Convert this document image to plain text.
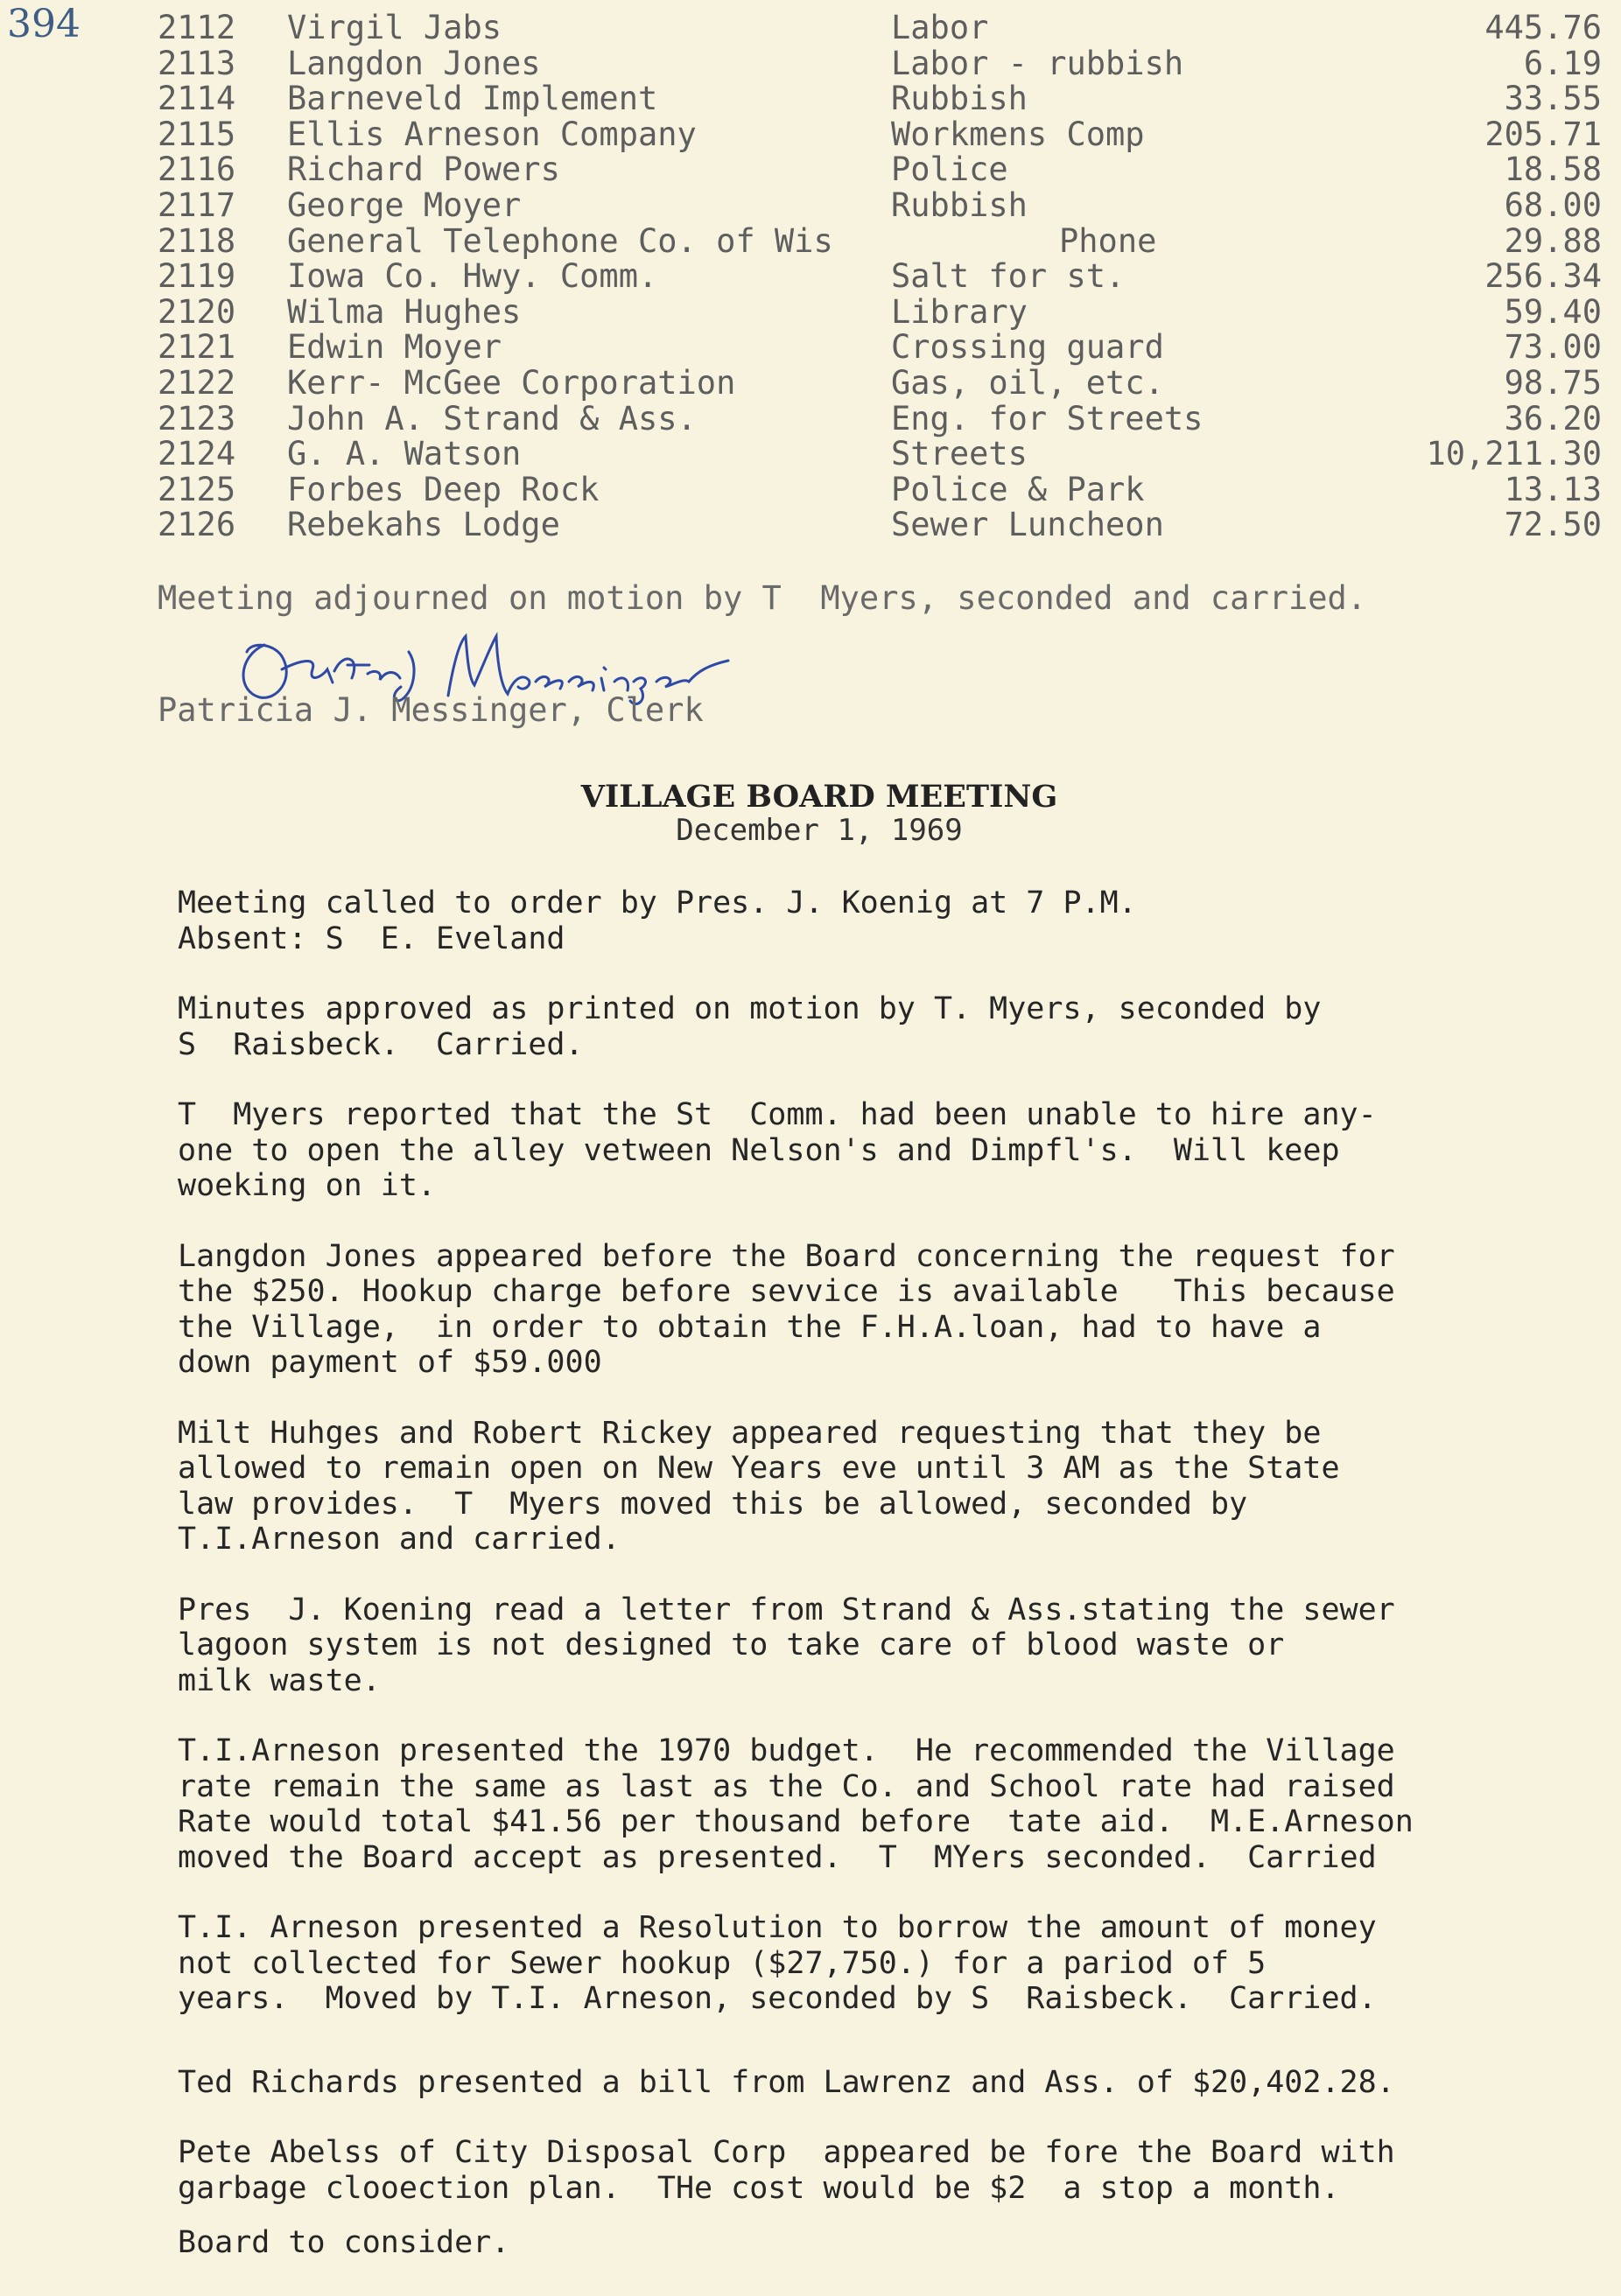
394 2112 Virgil Jabs	Labor	445.76
2113 Langdon Jones	Labor - rubbish	6.19
2114 Barneveld Implement	Rubbish	33.55
2115 Ellis Arneson Company	Workmens Comp	205.71
2116 Richard Powers	Police	18.58
2117 George Moyer	Rubbish	68.00
2118 General Telephone Co. of Wis	Phone	29.88
2119 Iowa Co. Hwy. Comm.	Salt for st.	256.34
2120 Wilma Hughes	Library	59.40
2121 Edwin Moyer	Crossing guard	73.00
2122 Kerr- McGee Corporation	Gas, oil, etc.	98.75
2123 John A. Strand & Ass.	Eng. for Streets	36.20
2124 G. A. Watson	Streets	10,211.30
2125 Forbes Deep Rock	Police & Park	13.13
2126 Rebekahs Lodge	Sewer Luncheon	72.50
Meeting adjourned on motion by T  Myers, seconded and carried.
Patricia J. Messinger, Clerk
VILLAGE BOARD MEETING
December 1, 1969

Meeting called to order by Pres. J. Koenig at 7 P.M.
Absent: S  E. Eveland

Minutes approved as printed on motion by T. Myers, seconded by
S  Raisbeck.  Carried.

T  Myers reported that the St  Comm. had been unable to hire any-
one to open the alley vetween Nelson's and Dimpfl's.  Will keep
woeking on it.

Langdon Jones appeared before the Board concerning the request for
the $250. Hookup charge before sevvice is available   This because
the Village,  in order to obtain the F.H.A.loan, had to have a
down payment of $59.000

Milt Huhges and Robert Rickey appeared requesting that they be
allowed to remain open on New Years eve until 3 AM as the State
law provides.  T  Myers moved this be allowed, seconded by
T.I.Arneson and carried.

Pres  J. Koening read a letter from Strand & Ass.stating the sewer
lagoon system is not designed to take care of blood waste or
milk waste.

T.I.Arneson presented the 1970 budget.  He recommended the Village
rate remain the same as last as the Co. and School rate had raised
Rate would total $41.56 per thousand before  tate aid.  M.E.Arneson
moved the Board accept as presented.  T  MYers seconded.  Carried

T.I. Arneson presented a Resolution to borrow the amount of money
not collected for Sewer hookup ($27,750.) for a pariod of 5
years.  Moved by T.I. Arneson, seconded by S  Raisbeck.  Carried.

Ted Richards presented a bill from Lawrenz and Ass. of $20,402.28.

Pete Abelss of City Disposal Corp  appeared be fore the Board with
garbage clooection plan.  THe cost would be $2  a stop a month.

Board to consider.
